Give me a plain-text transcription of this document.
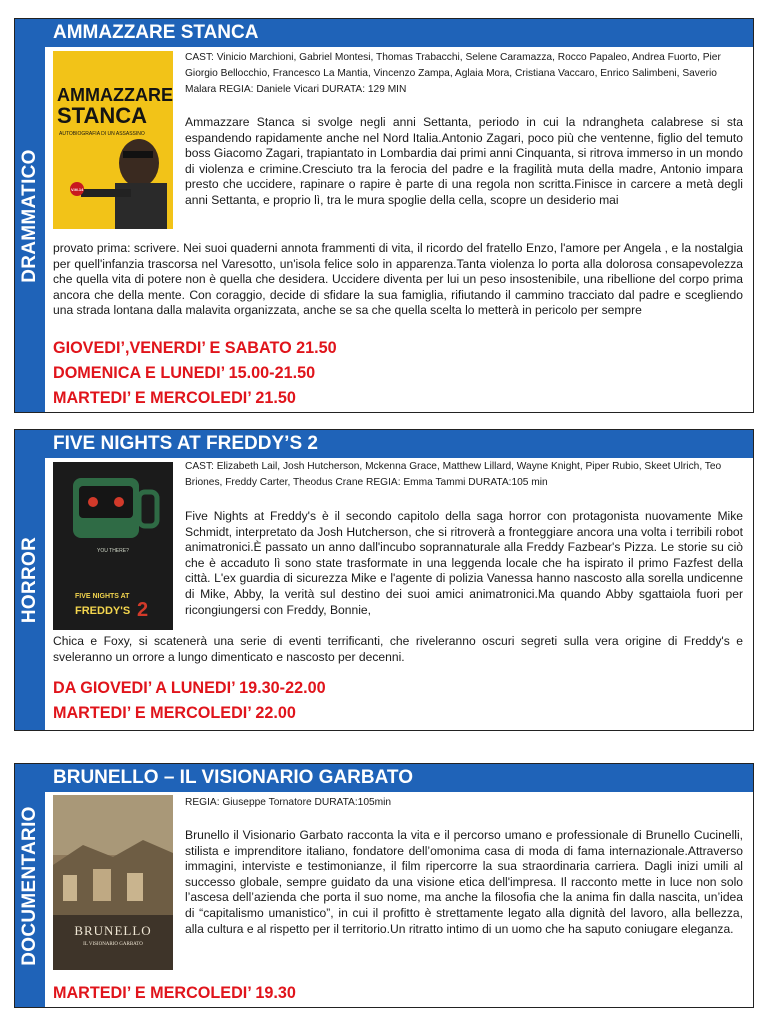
DRAMMATICO
AMMAZZARE STANCA
AMMAZZARE
STANCA
AUTOBIOGRAFIA DI UN ASSASSINO
V.M.14
CAST: Vinicio Marchioni, Gabriel Montesi, Thomas Trabacchi, Selene Caramazza, Rocco Papaleo, Andrea Fuorto, Pier Giorgio Bellocchio, Francesco La Mantia, Vincenzo Zampa, Aglaia Mora, Cristiana Vaccaro, Enrico Salimbeni, Saverio Malara REGIA: Daniele Vicari DURATA: 129 MIN
Ammazzare Stanca si svolge negli anni Settanta, periodo in cui la ndrangheta calabrese si sta espandendo rapidamente anche nel Nord Italia.Antonio Zagari, poco più che ventenne, figlio del temuto boss Giacomo Zagari, trapiantato in Lombardia dai primi anni Cinquanta, si ritrova immerso in un mondo di violenza e crimine.Cresciuto tra la ferocia del padre e la fragilità muta della madre, Antonio impara presto che uccidere, rapinare o rapire è parte di una regola non scritta.Finisce in carcere a metà degli anni Settanta, e proprio lì, tra le mura spoglie della cella, scopre un desiderio mai
provato prima: scrivere. Nei suoi quaderni annota frammenti di vita, il ricordo del fratello Enzo, l'amore per Angela , e la nostalgia per quell'infanzia trascorsa nel Varesotto, un'isola felice solo in apparenza.Tanta violenza lo porta alla dolorosa consapevolezza che quella vita di potere non è quella che desidera. Uccidere diventa per lui un peso insostenibile, una ribellione del corpo prima ancora che della mente. Con coraggio, decide di sfidare la sua famiglia, rifiutando il cammino tracciato dal padre e scegliendo una strada lontana dalla malavita organizzata, anche se sa che quella scelta lo metterà in pericolo per sempre
GIOVEDI’,VENERDI’ E SABATO 21.50
DOMENICA E LUNEDI’ 15.00-21.50
MARTEDI’ E MERCOLEDI’ 21.50
HORROR
FIVE NIGHTS AT FREDDY’S 2
YOU THERE?
FIVE NIGHTS AT
FREDDY'S 2
CAST: Elizabeth Lail, Josh Hutcherson, Mckenna Grace, Matthew Lillard, Wayne Knight, Piper Rubio, Skeet Ulrich, Teo Briones, Freddy Carter, Theodus Crane REGIA: Emma Tammi DURATA:105 min
Five Nights at Freddy's è il secondo capitolo della saga horror con protagonista nuovamente Mike Schmidt, interpretato da Josh Hutcherson, che si ritroverà a fronteggiare ancora una volta i terribili robot animatronici.È passato un anno dall'incubo soprannaturale alla Freddy Fazbear's Pizza. Le storie su ciò che è accaduto lì sono state trasformate in una leggenda locale che ha ispirato il primo Fazfest della città. L'ex guardia di sicurezza Mike e l'agente di polizia Vanessa hanno nascosto alla sorella undicenne di Mike, Abby, la verità sul destino dei suoi amici animatronici.Ma quando Abby sgattaiola fuori per ricongiungersi con Freddy, Bonnie,
Chica e Foxy, si scatenerà una serie di eventi terrificanti, che riveleranno oscuri segreti sulla vera origine di Freddy's e sveleranno un orrore a lungo dimenticato e nascosto per decenni.
DA GIOVEDI’ A LUNEDI’ 19.30-22.00
MARTEDI’ E MERCOLEDI’ 22.00
DOCUMENTARIO
BRUNELLO – IL VISIONARIO GARBATO
BRUNELLO
IL VISIONARIO GARBATO
REGIA: Giuseppe Tornatore DURATA:105min
Brunello il Visionario Garbato racconta la vita e il percorso umano e professionale di Brunello Cucinelli, stilista e imprenditore italiano, fondatore dell’omonima casa di moda di fama internazionale.Attraverso immagini, interviste e testimonianze, il film ripercorre la sua straordinaria carriera. Dagli inizi umili al successo globale, sempre guidato da una visione etica dell'impresa. Il racconto mette in luce non solo l’ascesa dell’azienda che porta il suo nome, ma anche la filosofia che la anima fin dalla nascita, un’idea di “capitalismo umanistico”, in cui il profitto è strettamente legato alla dignità del lavoro, alla bellezza, alla cultura e al rispetto per il territorio.Un ritratto intimo di un uomo che ha saputo coniugare eleganza.
MARTEDI’ E MERCOLEDI’ 19.30
